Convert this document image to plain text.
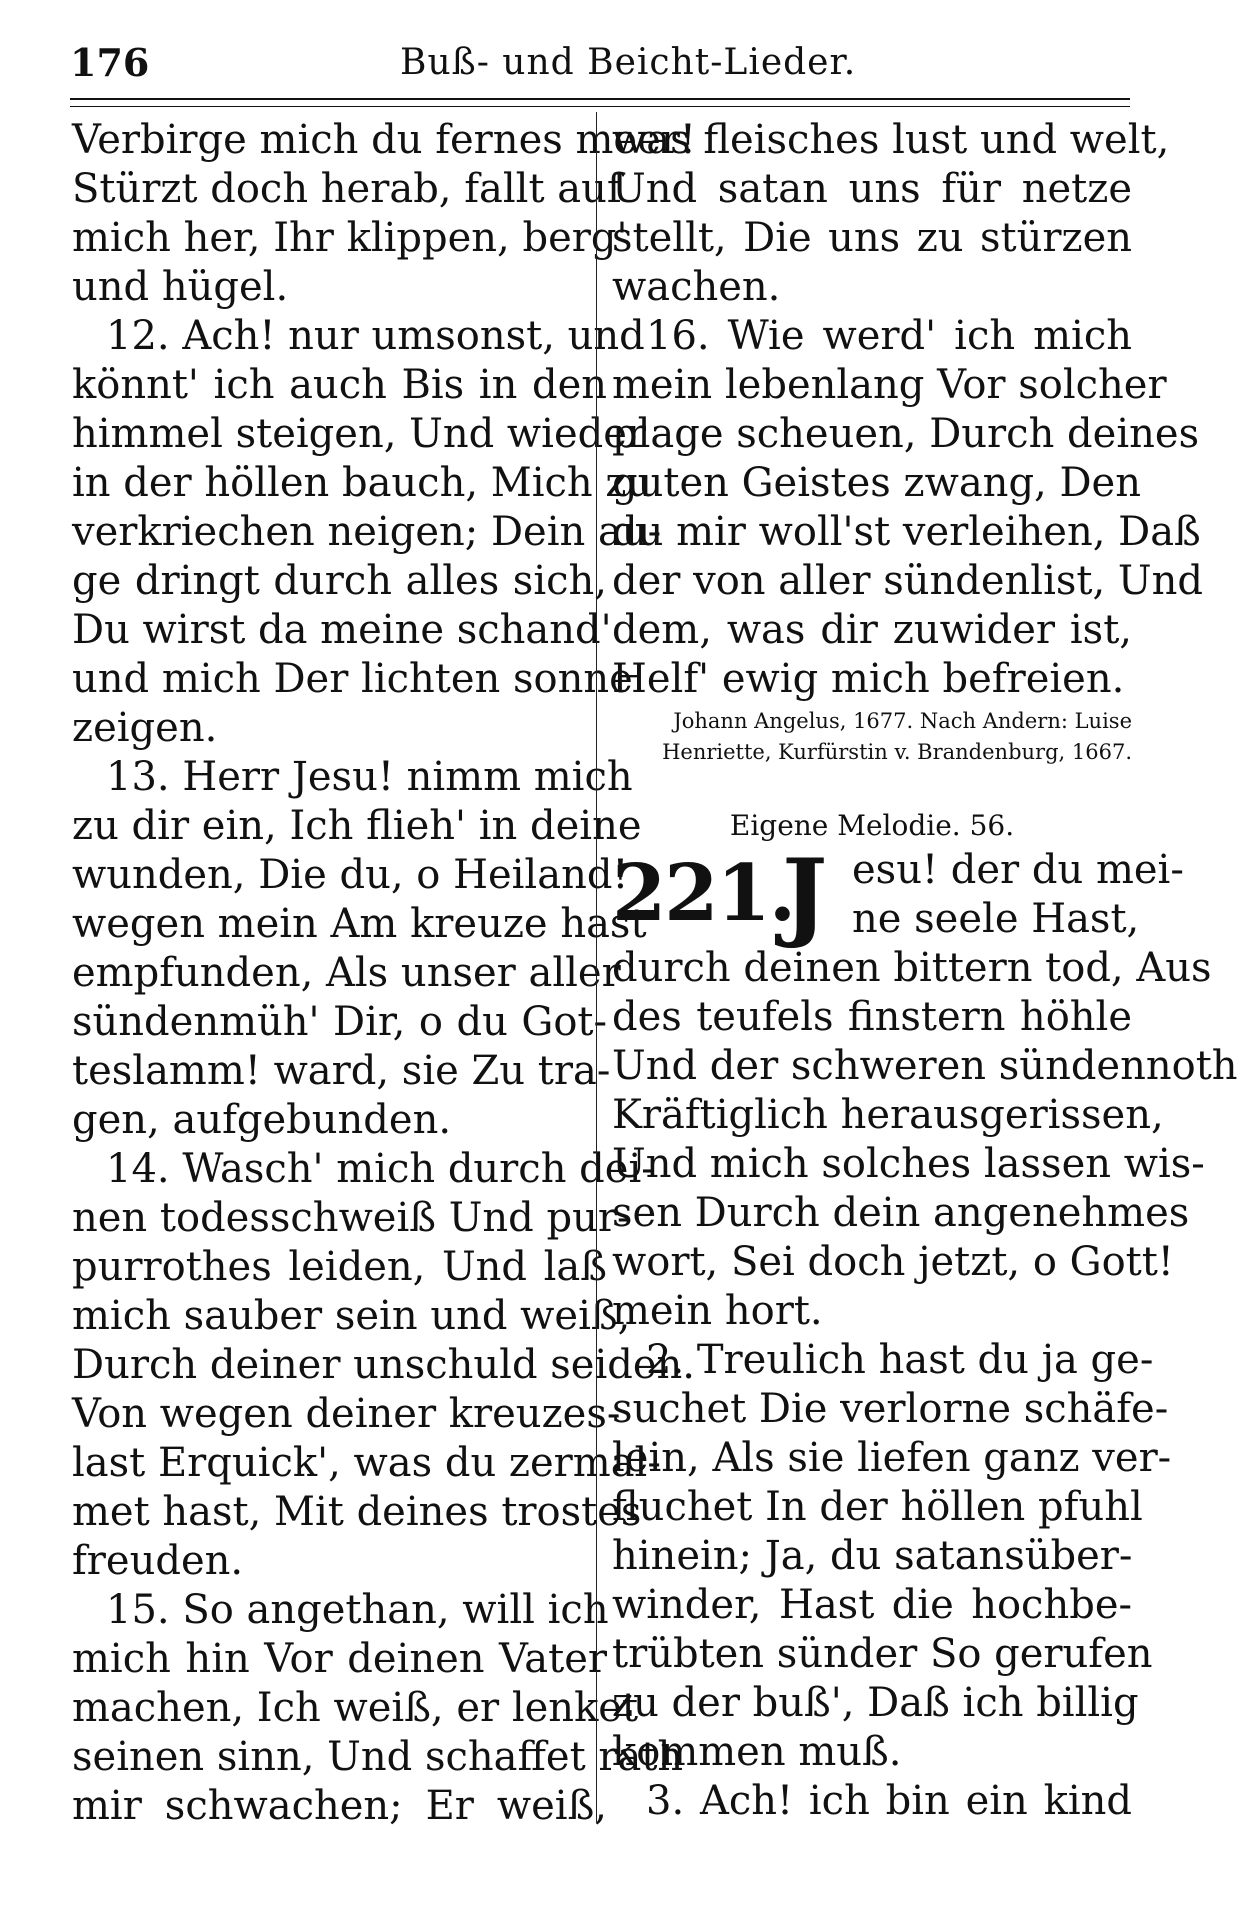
176	Buß- und Beicht-Lieder.
Verbirge mich du fernes meer!
Stürzt doch herab, fallt auf
mich her, Ihr klippen, berg'
und hügel.
12. Ach! nur umsonst, und
könnt' ich auch Bis in den
himmel steigen, Und wieder
in der höllen bauch, Mich zu
verkriechen neigen; Dein au-
ge dringt durch alles sich,
Du wirst da meine schand'
und mich Der lichten sonne
zeigen.
13. Herr Jesu! nimm mich
zu dir ein, Ich flieh' in deine
wunden, Die du, o Heiland!
wegen mein Am kreuze hast
empfunden, Als unser aller
sündenmüh' Dir, o du Got-
teslamm! ward, sie Zu tra-
gen, aufgebunden.
14. Wasch' mich durch dei-
nen todesschweiß Und pur-
purrothes leiden, Und laß
mich sauber sein und weiß,
Durch deiner unschuld seiden.
Von wegen deiner kreuzes-
last Erquick', was du zermal-
met hast, Mit deines trostes
freuden.
15. So angethan, will ich
mich hin Vor deinen Vater
machen, Ich weiß, er lenket
seinen sinn, Und schaffet rath
mir schwachen; Er weiß,
was fleisches lust und welt,
Und satan uns für netze
stellt, Die uns zu stürzen
wachen.
16. Wie werd' ich mich
mein lebenlang Vor solcher
plage scheuen, Durch deines
guten Geistes zwang, Den
du mir woll'st verleihen, Daß
der von aller sündenlist, Und
dem, was dir zuwider ist,
Helf' ewig mich befreien.
Johann Angelus, 1677. Nach Andern: Luise
Henriette, Kurfürstin v. Brandenburg, 1667.
Eigene Melodie. 56.
221.
J esu! der du mei-
ne seele Hast,
durch deinen bittern tod, Aus
des teufels finstern höhle
Und der schweren sündennoth
Kräftiglich herausgerissen,
Und mich solches lassen wis-
sen Durch dein angenehmes
wort, Sei doch jetzt, o Gott!
mein hort.
2. Treulich hast du ja ge-
suchet Die verlorne schäfe-
lein, Als sie liefen ganz ver-
fluchet In der höllen pfuhl
hinein; Ja, du satansüber-
winder, Hast die hochbe-
trübten sünder So gerufen
zu der buß', Daß ich billig
kommen muß.
3. Ach! ich bin ein kind
